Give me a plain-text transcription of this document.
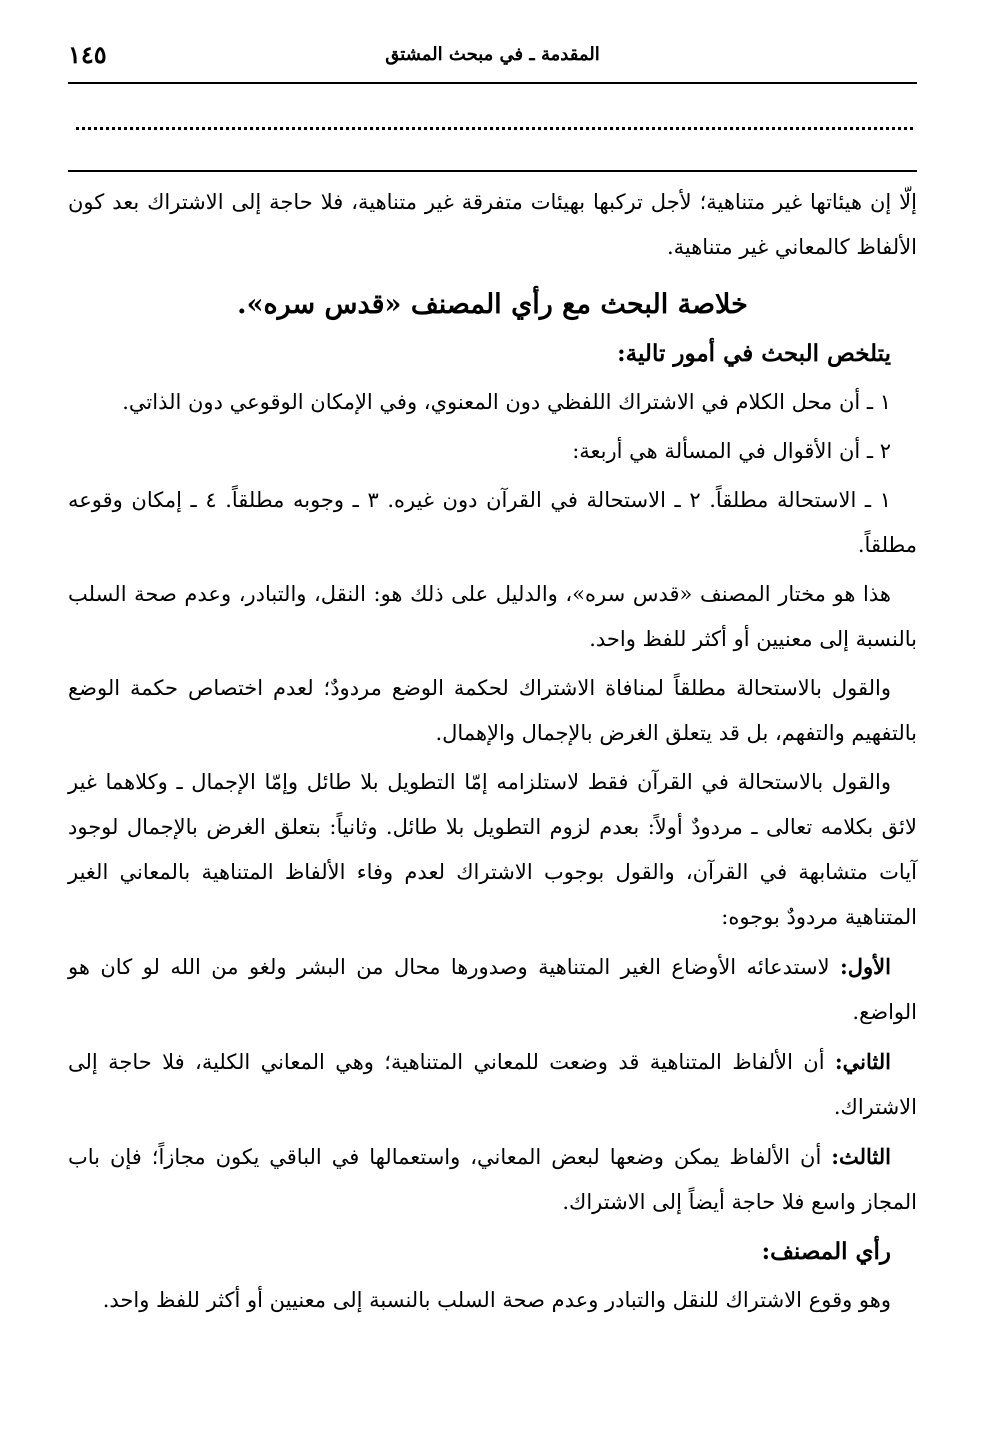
المقدمة ـ في مبحث المشتق
١٤٥

إلّا إن هيئاتها غير متناهية؛ لأجل تركبها بهيئات متفرقة غير متناهية، فلا حاجة إلى الاشتراك بعد كون الألفاظ كالمعاني غير متناهية.

خلاصة البحث مع رأي المصنف «قدس سره».

يتلخص البحث في أمور تالية:

١ ـ أن محل الكلام في الاشتراك اللفظي دون المعنوي، وفي الإمكان الوقوعي دون الذاتي.

٢ ـ أن الأقوال في المسألة هي أربعة:

١ ـ الاستحالة مطلقاً. ٢ ـ الاستحالة في القرآن دون غيره. ٣ ـ وجوبه مطلقاً. ٤ ـ إمكان وقوعه مطلقاً.

هذا هو مختار المصنف «قدس سره»، والدليل على ذلك هو: النقل، والتبادر، وعدم صحة السلب بالنسبة إلى معنيين أو أكثر للفظ واحد.

والقول بالاستحالة مطلقاً لمنافاة الاشتراك لحكمة الوضع مردودٌ؛ لعدم اختصاص حكمة الوضع بالتفهيم والتفهم، بل قد يتعلق الغرض بالإجمال والإهمال.

والقول بالاستحالة في القرآن فقط لاستلزامه إمّا التطويل بلا طائل وإمّا الإجمال ـ وكلاهما غير لائق بكلامه تعالى ـ مردودٌ أولاً: بعدم لزوم التطويل بلا طائل. وثانياً: بتعلق الغرض بالإجمال لوجود آيات متشابهة في القرآن، والقول بوجوب الاشتراك لعدم وفاء الألفاظ المتناهية بالمعاني الغير المتناهية مردودٌ بوجوه:

الأول: لاستدعائه الأوضاع الغير المتناهية وصدورها محال من البشر ولغو من الله لو كان هو الواضع.

الثاني: أن الألفاظ المتناهية قد وضعت للمعاني المتناهية؛ وهي المعاني الكلية، فلا حاجة إلى الاشتراك.

الثالث: أن الألفاظ يمكن وضعها لبعض المعاني، واستعمالها في الباقي يكون مجازاً؛ فإن باب المجاز واسع فلا حاجة أيضاً إلى الاشتراك.

رأي المصنف:

وهو وقوع الاشتراك للنقل والتبادر وعدم صحة السلب بالنسبة إلى معنيين أو أكثر للفظ واحد.
